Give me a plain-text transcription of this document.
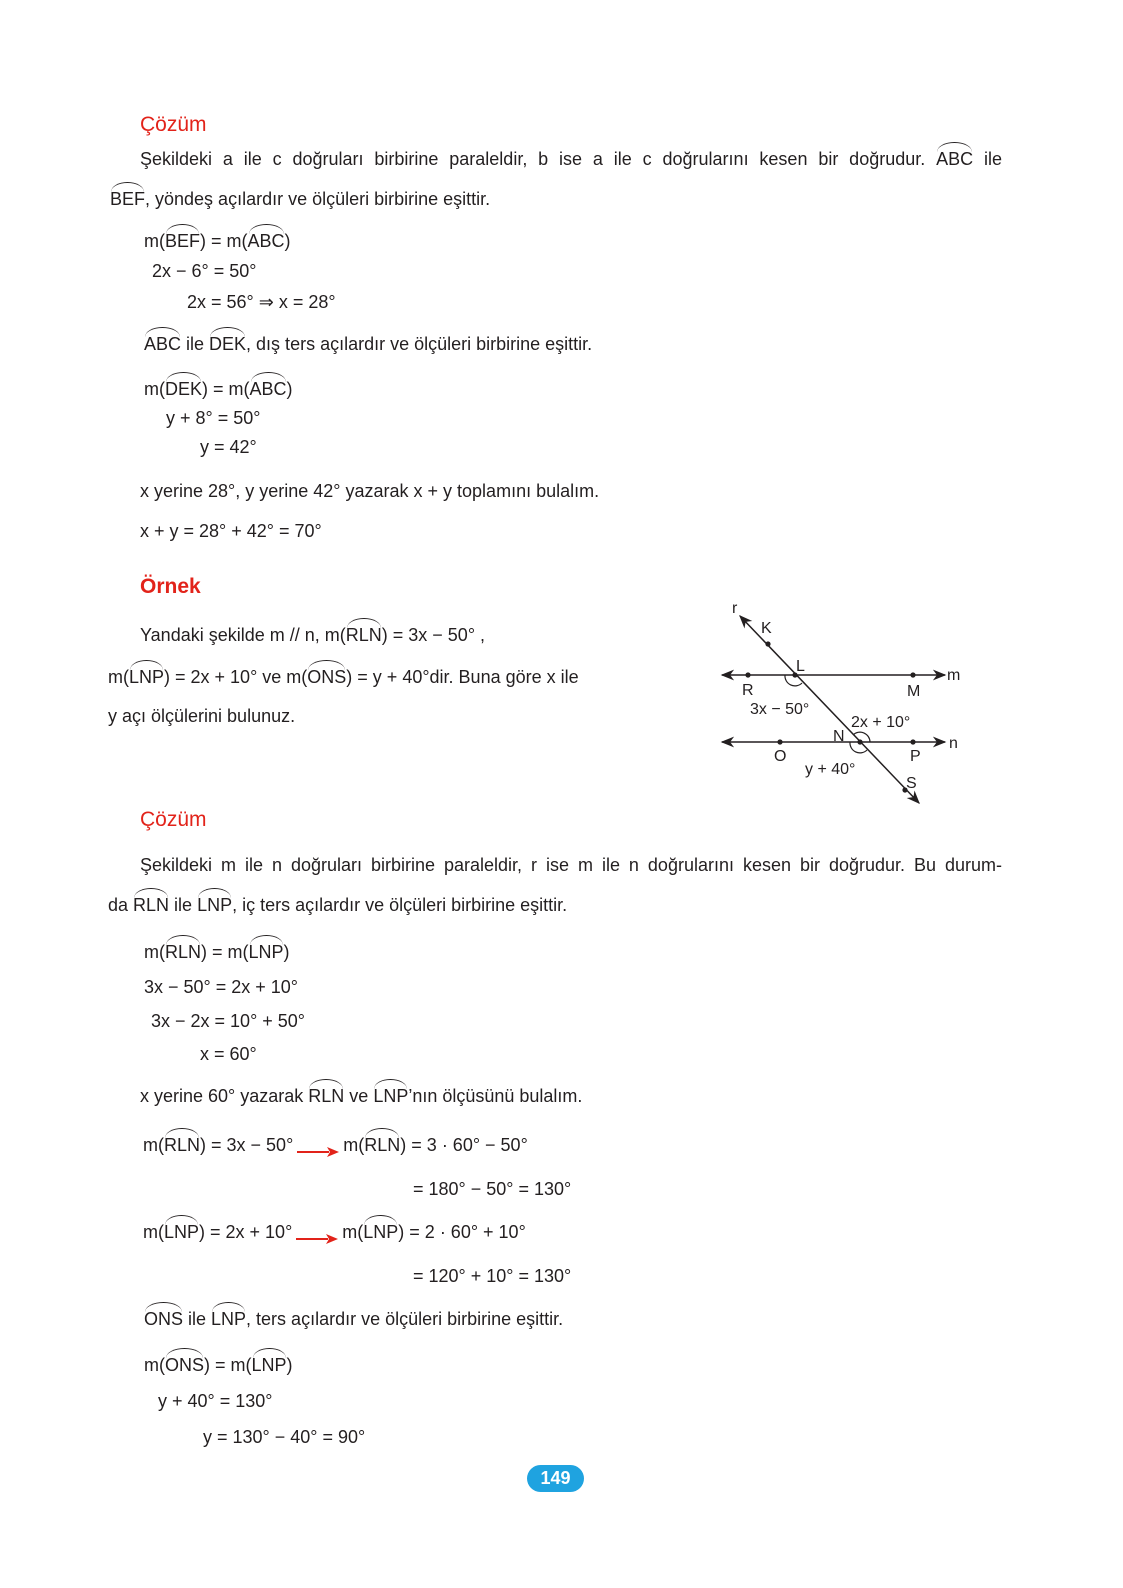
r
K
L
m
R	M
3x − 50°
2x + 10°
N	n
O	P
y + 40°
S
149
Çözüm
Şekildeki a ile c doğruları birbirine paraleldir, b ise a ile c doğrularını kesen bir doğrudur. ABC ile
BEF, yöndeş açılardır ve ölçüleri birbirine eşittir.
m(BEF) = m(ABC)
2x − 6° = 50°
2x = 56° ⇒ x = 28°
ABC ile DEK, dış ters açılardır ve ölçüleri birbirine eşittir.
m(DEK) = m(ABC)
y + 8° = 50°
y = 42°
x yerine 28°, y yerine 42° yazarak x + y toplamını bulalım.
x + y = 28° + 42° = 70°
Örnek
Yandaki şekilde m // n, m(RLN) = 3x − 50° ,
m(LNP) = 2x + 10° ve m(ONS) = y + 40°dir. Buna göre x ile
y açı ölçülerini bulunuz.
Çözüm
Şekildeki m ile n doğruları birbirine paraleldir, r ise m ile n doğrularını kesen bir doğrudur. Bu durum-
da RLN ile LNP, iç ters açılardır ve ölçüleri birbirine eşittir.
m(RLN) = m(LNP)
3x − 50° = 2x + 10°
3x − 2x = 10° + 50°
x = 60°
x yerine 60° yazarak RLN ve LNP’nın ölçüsünü bulalım.
m(RLN) = 3x − 50°	m(RLN) = 3 · 60° − 50°
= 180° − 50° = 130°
m(LNP) = 2x + 10°	m(LNP) = 2 · 60° + 10°
= 120° + 10° = 130°
ONS ile LNP, ters açılardır ve ölçüleri birbirine eşittir.
m(ONS) = m(LNP)
y + 40° = 130°
y = 130° − 40° = 90°
